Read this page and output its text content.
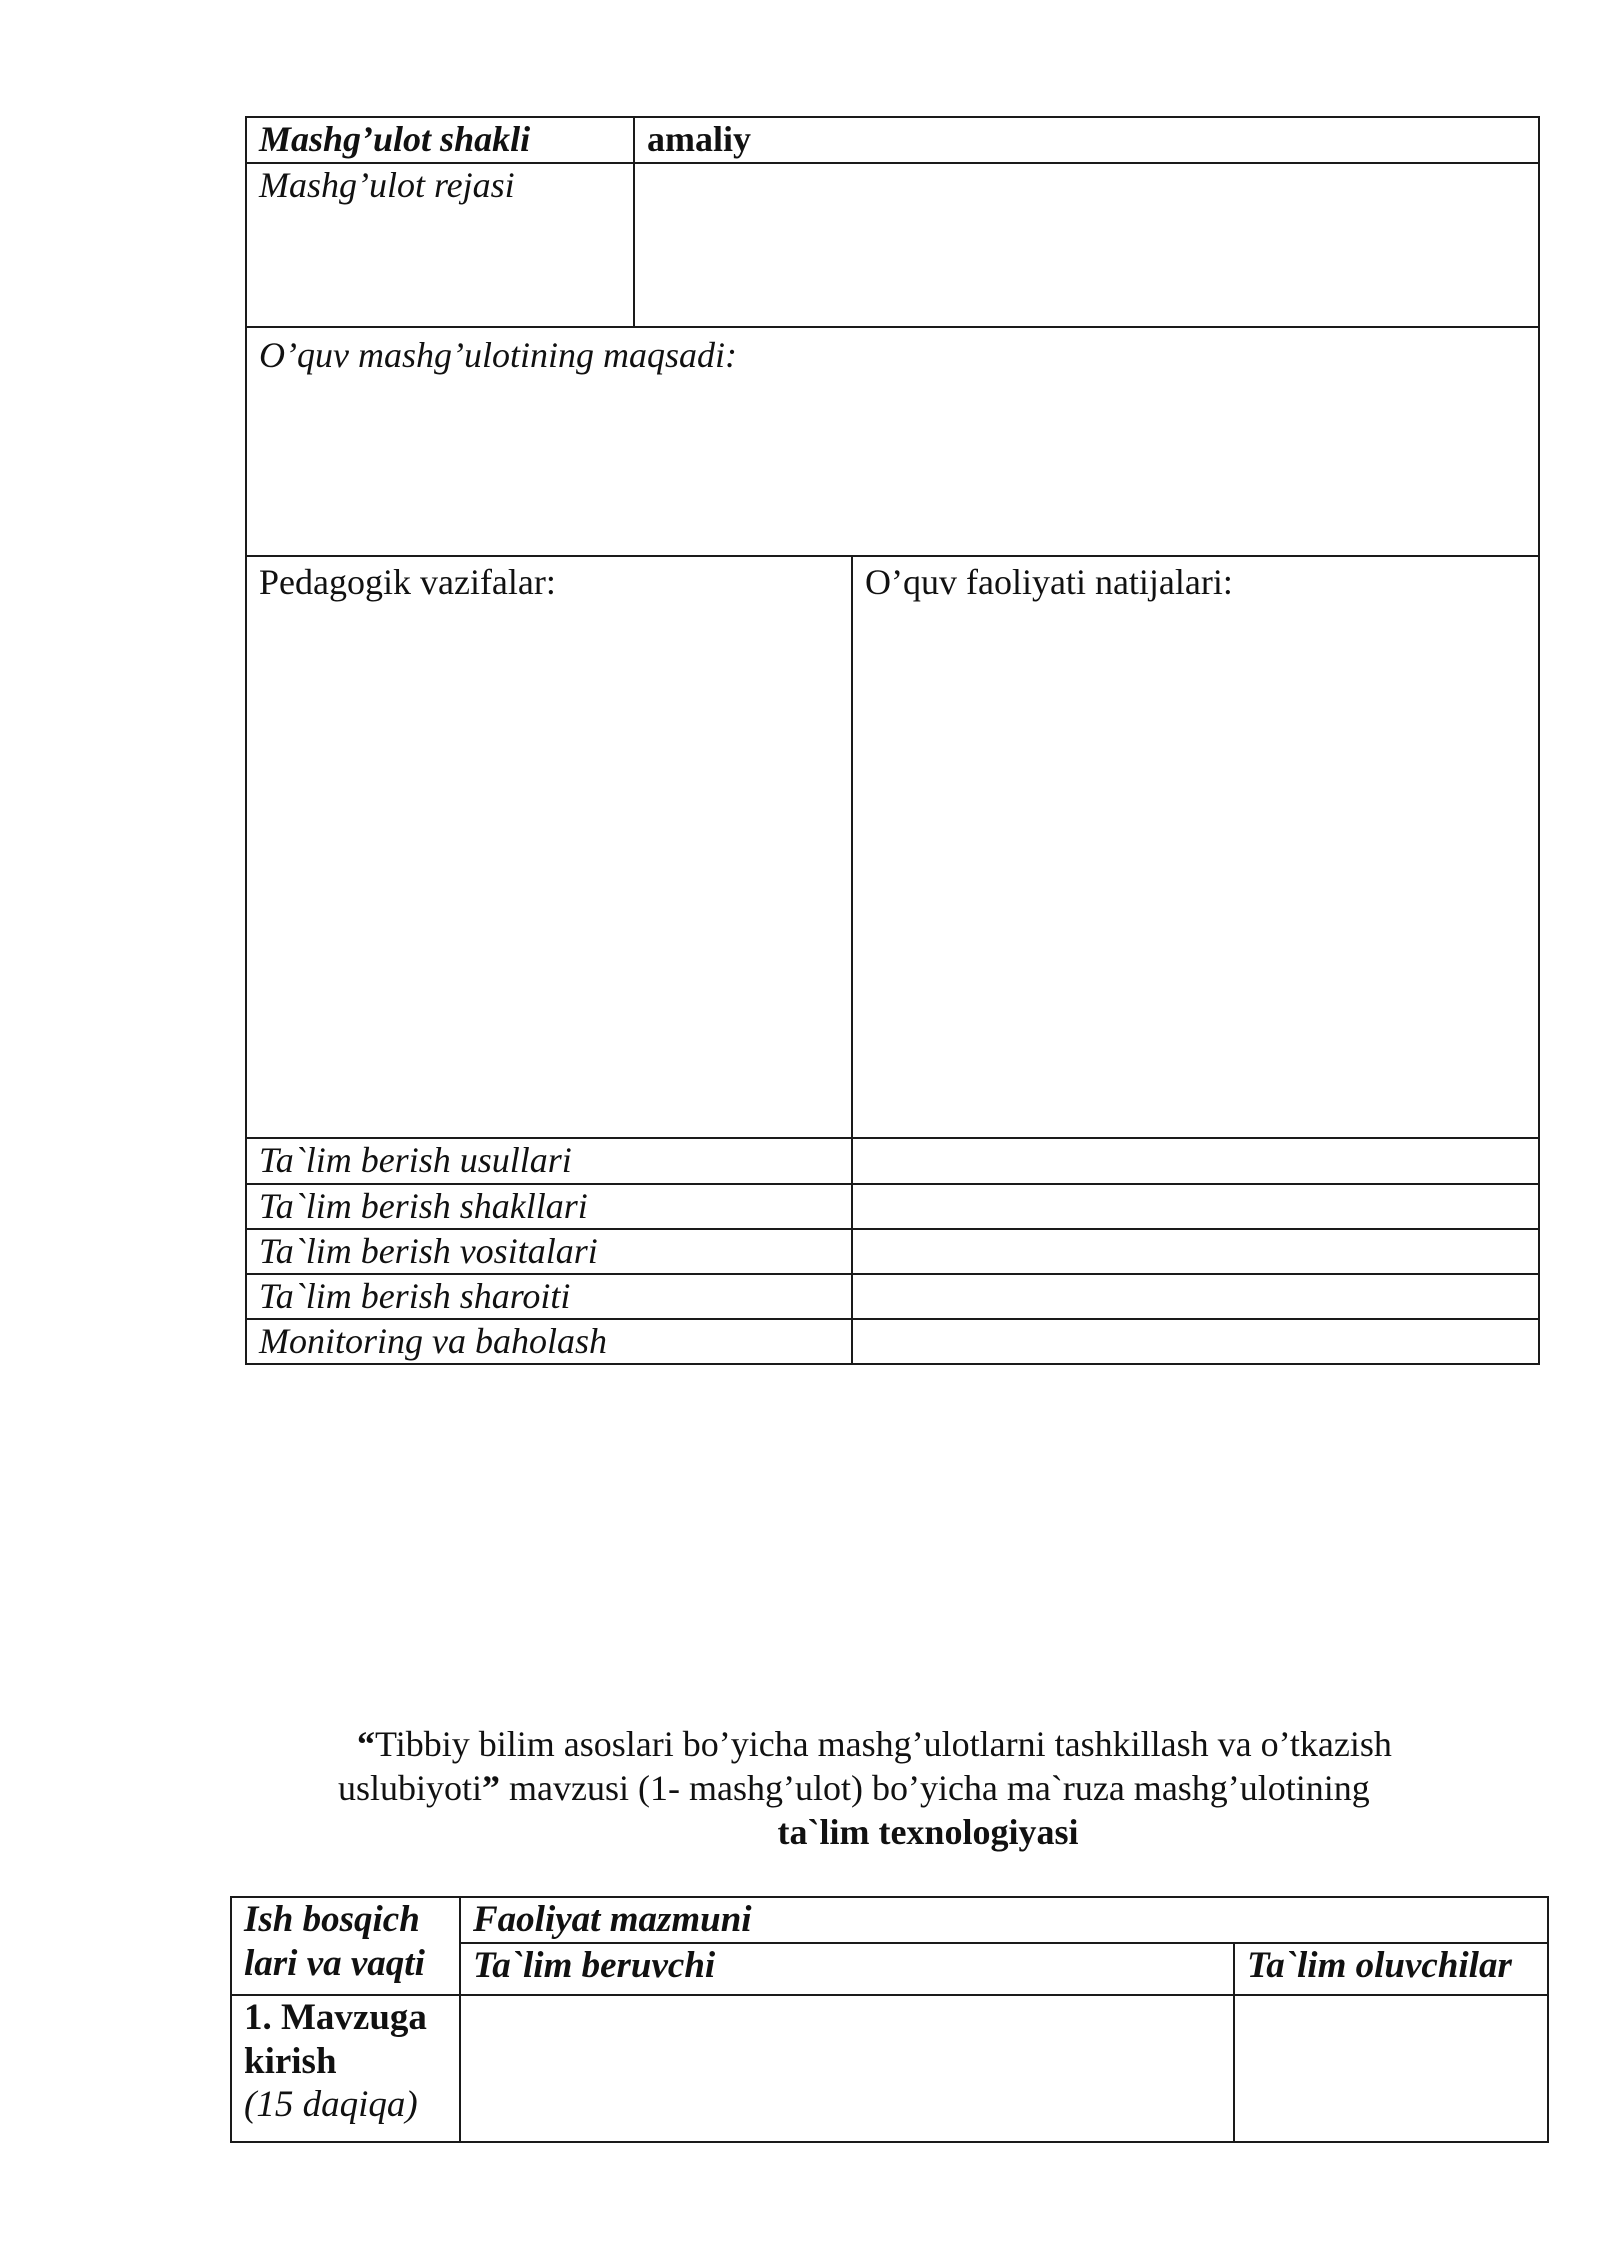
Mashg’ulot shakli	amaliy	
Mashg’ulot rejasi		
O’quv mashg’ulotining maqsadi:		
Pedagogik vazifalar:		O’quv faoliyati natijalari:
Ta`lim berish usullari		
Ta`lim berish shakllari		
Ta`lim berish vositalari		
Ta`lim berish sharoiti		
Monitoring va baholash		
“Tibbiy bilim asoslari bo’yicha mashg’ulotlarni tashkillash va o’tkazish
uslubiyoti” mavzusi (1- mashg’ulot) bo’yicha ma`ruza mashg’ulotining
ta`lim texnologiyasi
Ish bosqich lari va vaqti	Faoliyat mazmuni	
	Ta`lim beruvchi	Ta`lim oluvchilar

1. Mavzuga kirish
(15 daqiqa)		
